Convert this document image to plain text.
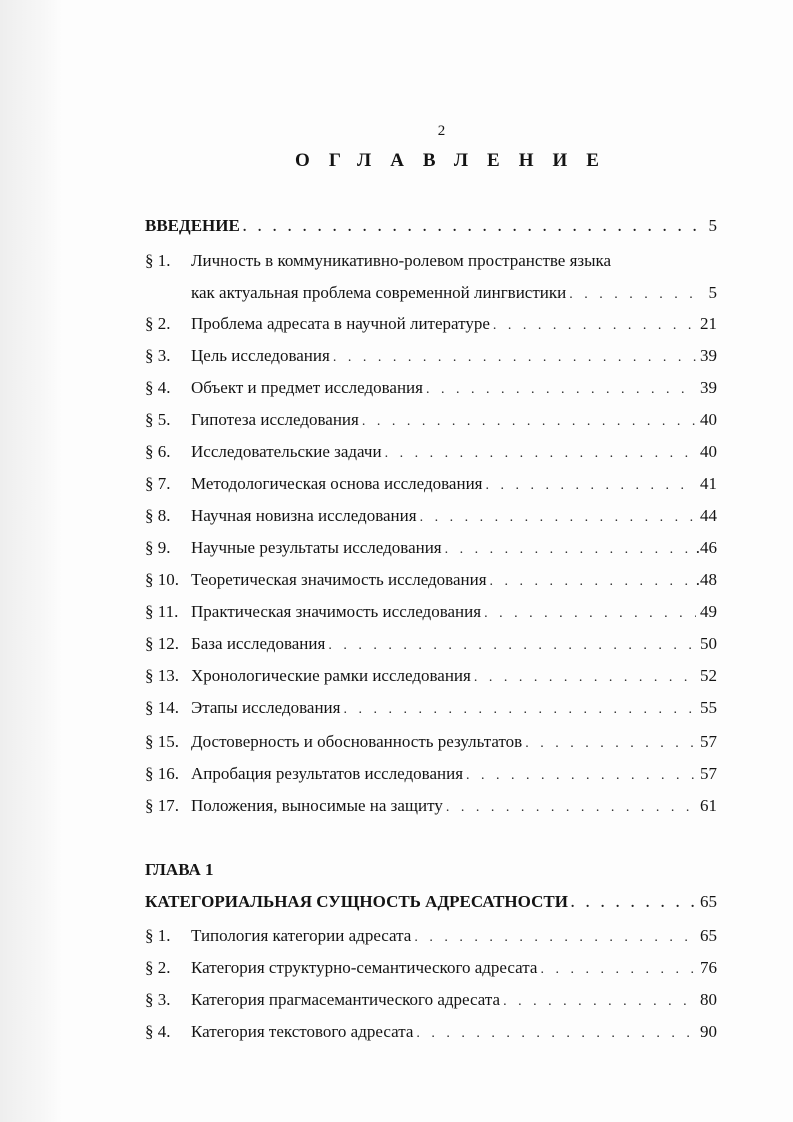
2
ОГЛАВЛЕНИЕ
ВВЕДЕНИЕ . . .	5
§ 1.	Личность в коммуникативно-ролевом пространстве языка
как актуальная проблема современной лингвистики . . .	5
§ 2.	Проблема адресата в научной литературе . . .	21
§ 3.	Цель исследования . . .	39
§ 4.	Объект и предмет исследования . . .	39
§ 5.	Гипотеза исследования . . .	40
§ 6.	Исследовательские задачи . . .	40
§ 7.	Методологическая основа исследования . . .	41
§ 8.	Научная новизна исследования . . .	44
§ 9.	Научные результаты исследования . . .	.46
§ 10. Теоретическая значимость исследования . . .	.48
§ 11. Практическая значимость исследования . . .	49
§ 12. База исследования . . .	50
§ 13. Хронологические рамки исследования . . .	52
§ 14. Этапы исследования . . .	55
§ 15. Достоверность и обоснованность результатов . . .	57
§ 16. Апробация результатов исследования . . .	57
§ 17. Положения, выносимые на защиту . . .	61
ГЛАВА 1
КАТЕГОРИАЛЬНАЯ СУЩНОСТЬ АДРЕСАТНОСТИ . . .	65
§ 1.	Типология категории адресата . . .	65
§ 2.	Категория структурно-семантического адресата . . .	76
§ 3.	Категория прагмасемантического адресата . . .	80
§ 4.	Категория текстового адресата . . .	90
